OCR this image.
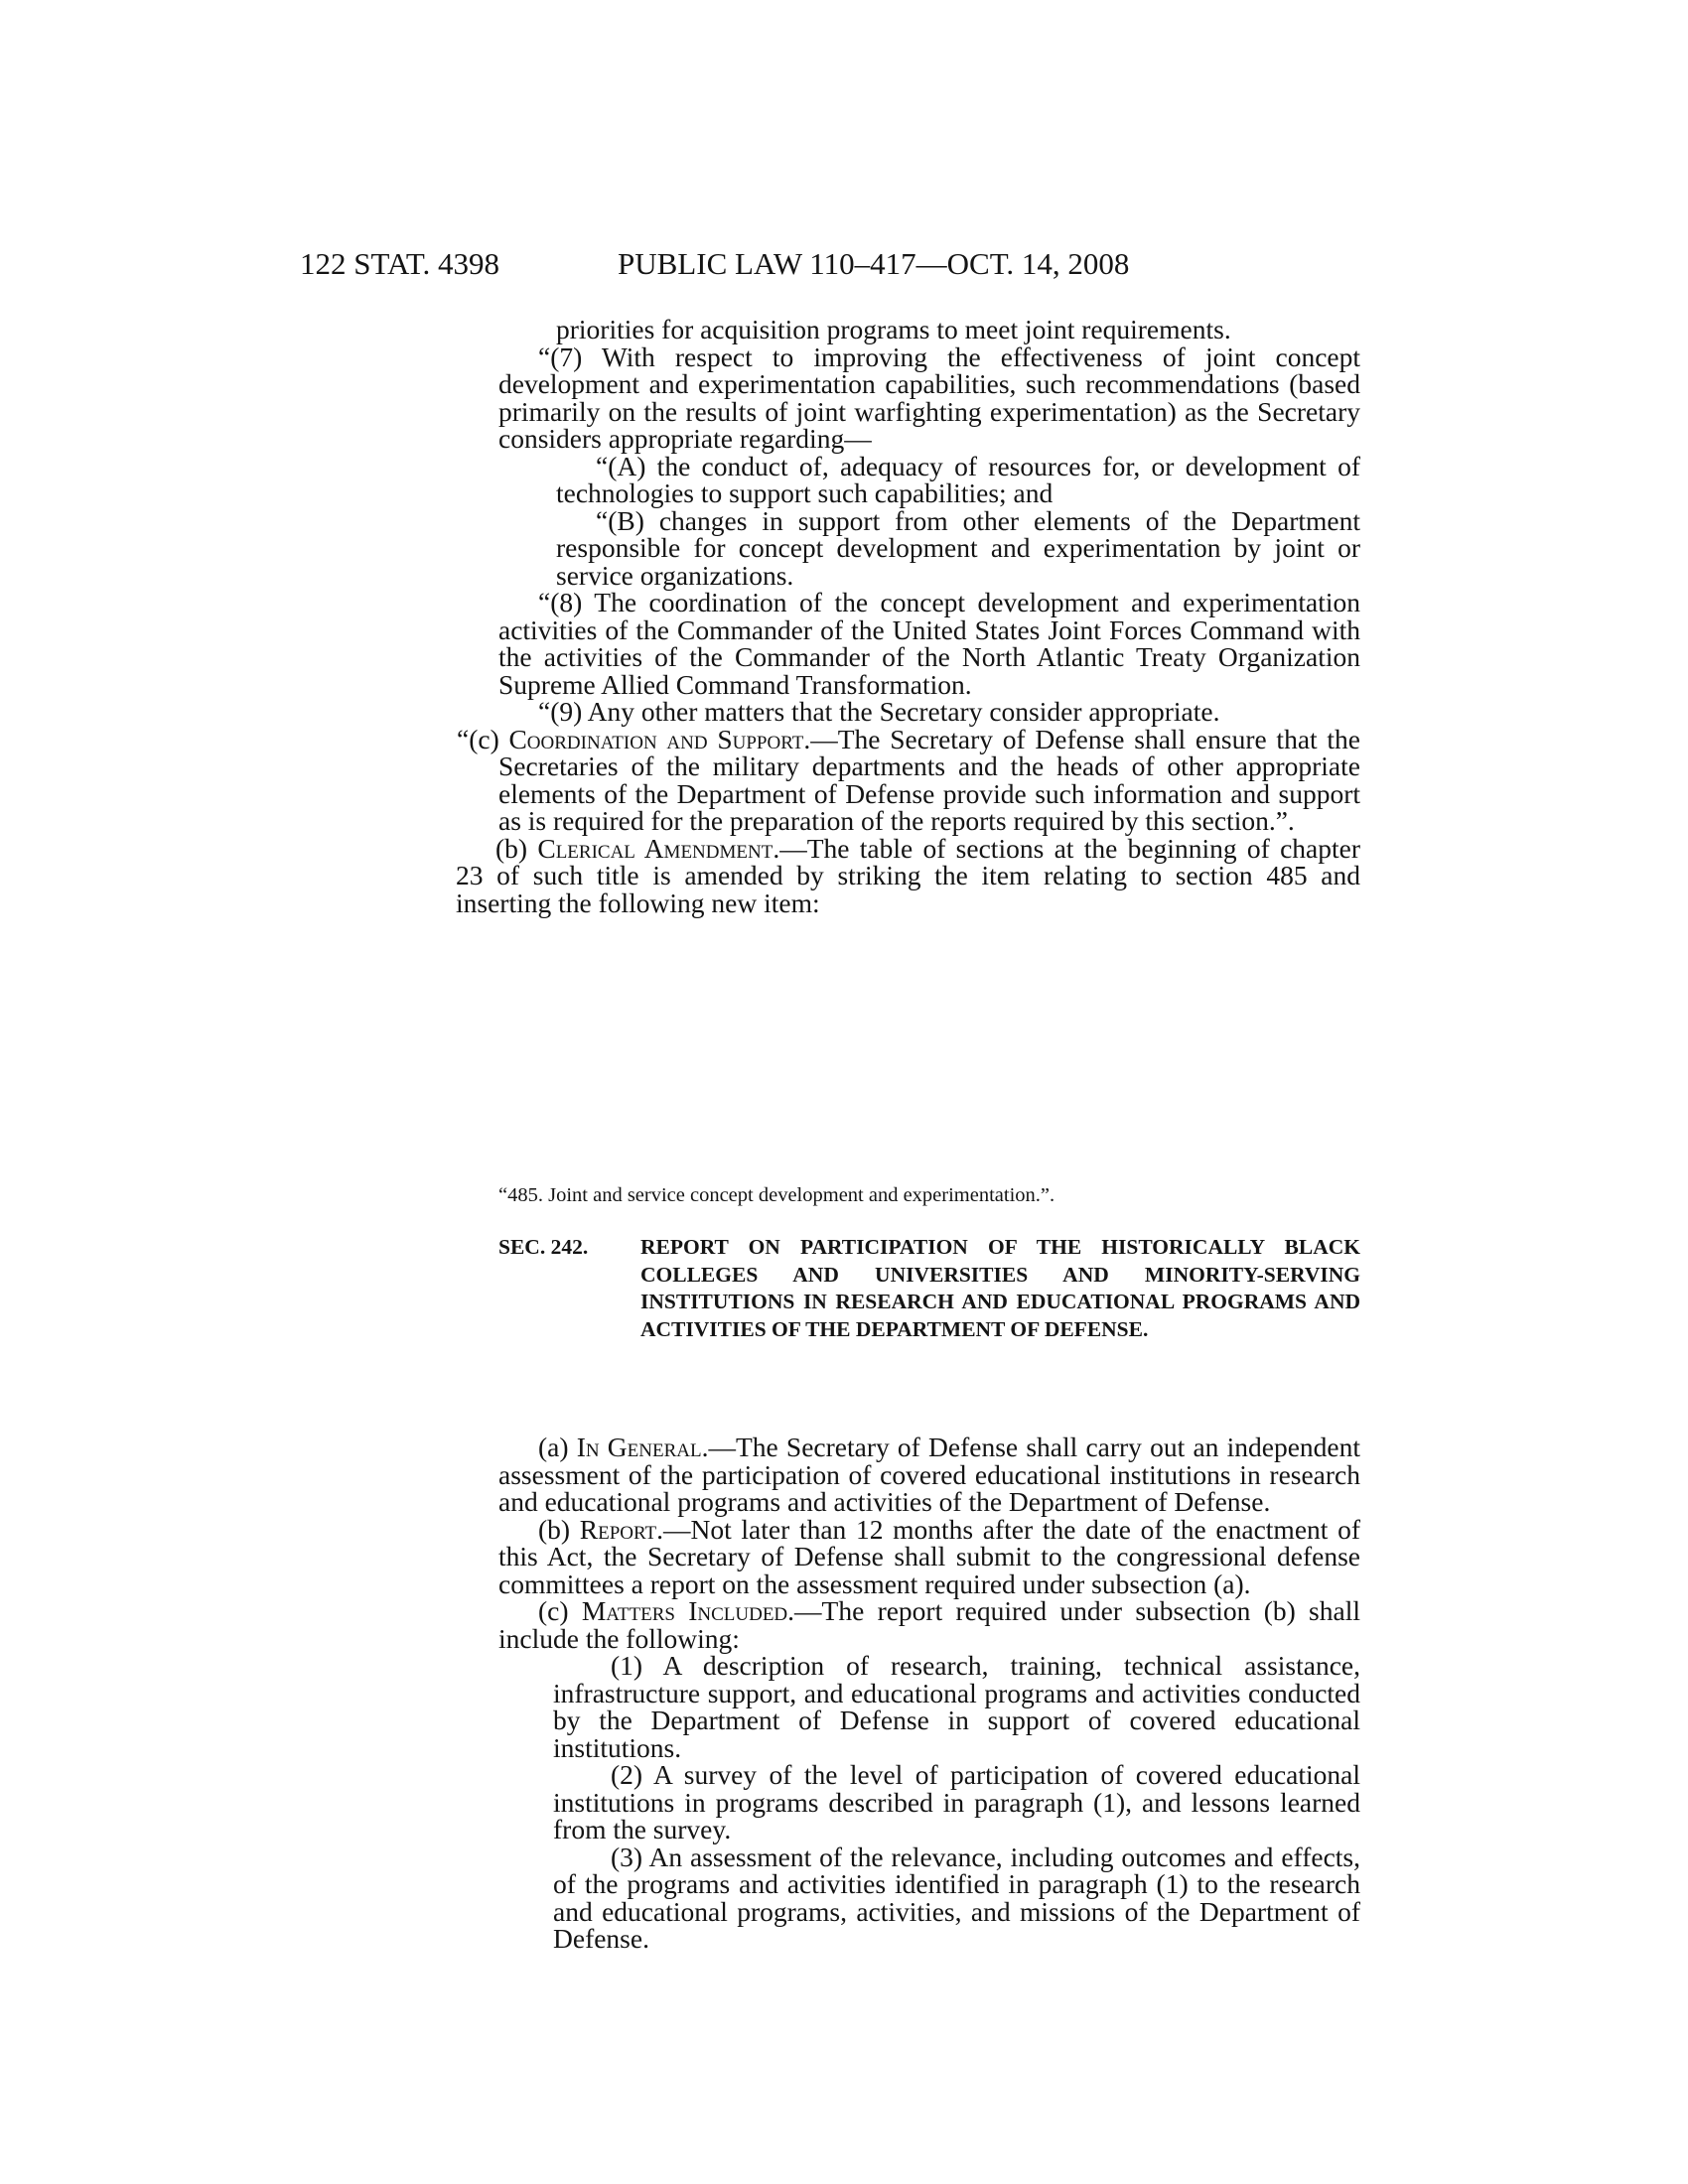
122 STAT. 4398	PUBLIC LAW 110–417—OCT. 14, 2008

priorities for acquisition programs to meet joint requirements.

“(7) With respect to improving the effectiveness of joint concept development and experimentation capabilities, such recommendations (based primarily on the results of joint warfighting experimentation) as the Secretary considers appropriate regarding—

“(A) the conduct of, adequacy of resources for, or development of technologies to support such capabilities; and

“(B) changes in support from other elements of the Department responsible for concept development and experimentation by joint or service organizations.

“(8) The coordination of the concept development and experimentation activities of the Commander of the United States Joint Forces Command with the activities of the Commander of the North Atlantic Treaty Organization Supreme Allied Command Transformation.

“(9) Any other matters that the Secretary consider appropriate.

“(c) Coordination and Support.—The Secretary of Defense shall ensure that the Secretaries of the military departments and the heads of other appropriate elements of the Department of Defense provide such information and support as is required for the preparation of the reports required by this section.”.

(b) Clerical Amendment.—The table of sections at the beginning of chapter 23 of such title is amended by striking the item relating to section 485 and inserting the following new item:

“485. Joint and service concept development and experimentation.”.
SEC. 242. REPORT ON PARTICIPATION OF THE HISTORICALLY BLACK COLLEGES AND UNIVERSITIES AND MINORITY-SERVING INSTITUTIONS IN RESEARCH AND EDUCATIONAL PROGRAMS AND ACTIVITIES OF THE DEPARTMENT OF DEFENSE.

(a) In General.—The Secretary of Defense shall carry out an independent assessment of the participation of covered educational institutions in research and educational programs and activities of the Department of Defense.

(b) Report.—Not later than 12 months after the date of the enactment of this Act, the Secretary of Defense shall submit to the congressional defense committees a report on the assessment required under subsection (a).

(c) Matters Included.—The report required under subsection (b) shall include the following:

(1) A description of research, training, technical assistance, infrastructure support, and educational programs and activities conducted by the Department of Defense in support of covered educational institutions.

(2) A survey of the level of participation of covered educational institutions in programs described in paragraph (1), and lessons learned from the survey.

(3) An assessment of the relevance, including outcomes and effects, of the programs and activities identified in paragraph (1) to the research and educational programs, activities, and missions of the Department of Defense.
